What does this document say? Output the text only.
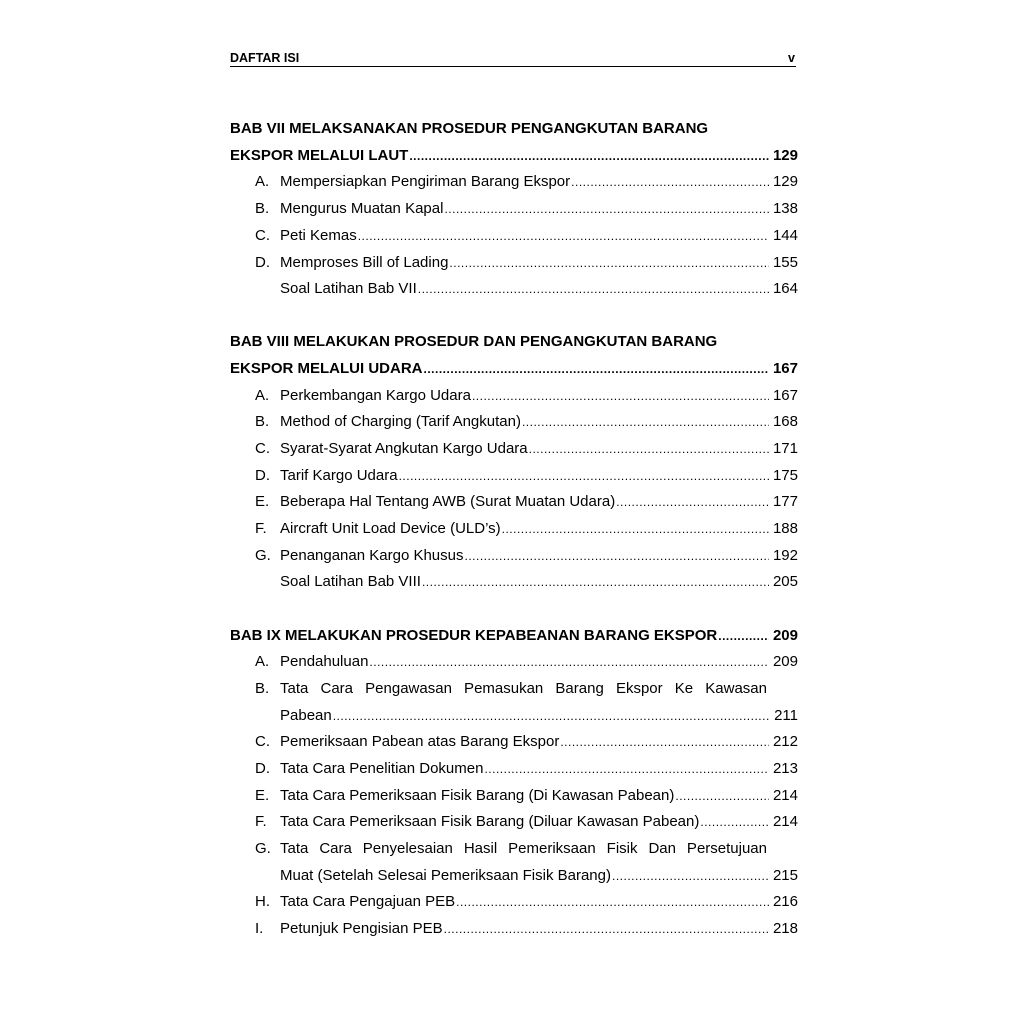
DAFTAR ISI	v
BAB VII MELAKSANAKAN PROSEDUR PENGANGKUTAN BARANG
EKSPOR MELALUI LAUT .....	129
A. Mempersiapkan Pengiriman Barang Ekspor .....	129
B. Mengurus Muatan Kapal .....	138
C. Peti Kemas .....	144
D. Memproses Bill of Lading .....	155
Soal Latihan Bab VII .....	164
BAB VIII MELAKUKAN PROSEDUR DAN PENGANGKUTAN BARANG
EKSPOR MELALUI UDARA .....	167
A. Perkembangan Kargo Udara .....	167
B. Method of Charging (Tarif Angkutan) .....	168
C. Syarat-Syarat Angkutan Kargo Udara .....	171
D. Tarif Kargo Udara .....	175
E. Beberapa Hal Tentang AWB (Surat Muatan Udara) .....	177
F. Aircraft Unit Load Device (ULD’s) .....	188
G. Penanganan Kargo Khusus .....	192
Soal Latihan Bab VIII .....	205
BAB IX MELAKUKAN PROSEDUR KEPABEANAN BARANG EKSPOR .....	209
A. Pendahuluan .....	209
B. Tata Cara Pengawasan Pemasukan Barang Ekspor Ke Kawasan
Pabean .....	211
C. Pemeriksaan Pabean atas Barang Ekspor .....	212
D. Tata Cara Penelitian Dokumen .....	213
E. Tata Cara Pemeriksaan Fisik Barang (Di Kawasan Pabean) .....	214
F. Tata Cara Pemeriksaan Fisik Barang (Diluar Kawasan Pabean) .....	214
G. Tata Cara Penyelesaian Hasil Pemeriksaan Fisik Dan Persetujuan
Muat (Setelah Selesai Pemeriksaan Fisik Barang) .....	215
H. Tata Cara Pengajuan PEB .....	216
I. Petunjuk Pengisian PEB .....	218
